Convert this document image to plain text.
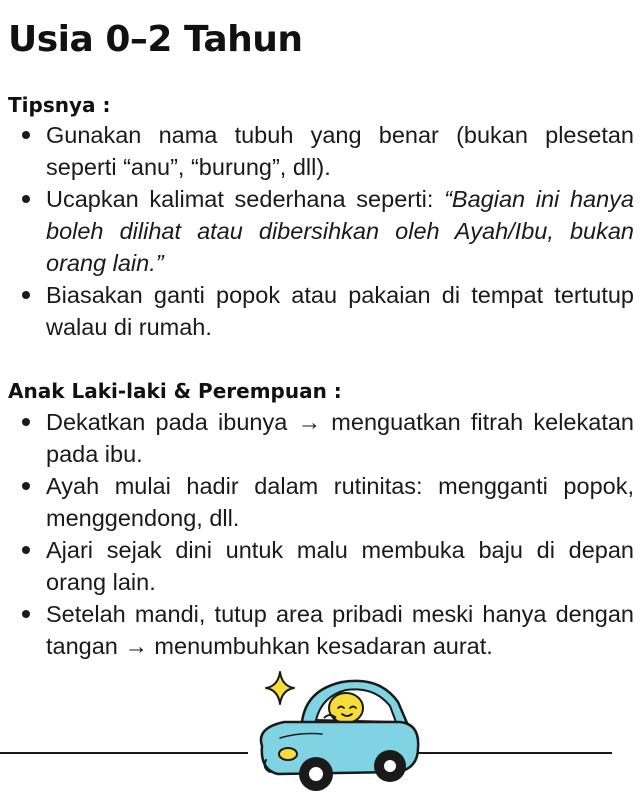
Usia 0–2 Tahun
Tipsnya :
Gunakan nama tubuh yang benar (bukan plesetan seperti “anu”, “burung”, dll).
Ucapkan kalimat sederhana seperti: “Bagian ini hanya boleh dilihat atau dibersihkan oleh Ayah/Ibu, bukan orang lain.”
Biasakan ganti popok atau pakaian di tempat tertutup walau di rumah.
Anak Laki-laki & Perempuan :
Dekatkan pada ibunya → menguatkan fitrah kelekatan pada ibu.
Ayah mulai hadir dalam rutinitas: mengganti popok, menggendong, dll.
Ajari sejak dini untuk malu membuka baju di depan orang lain.
Setelah mandi, tutup area pribadi meski hanya dengan tangan → menumbuhkan kesadaran aurat.
